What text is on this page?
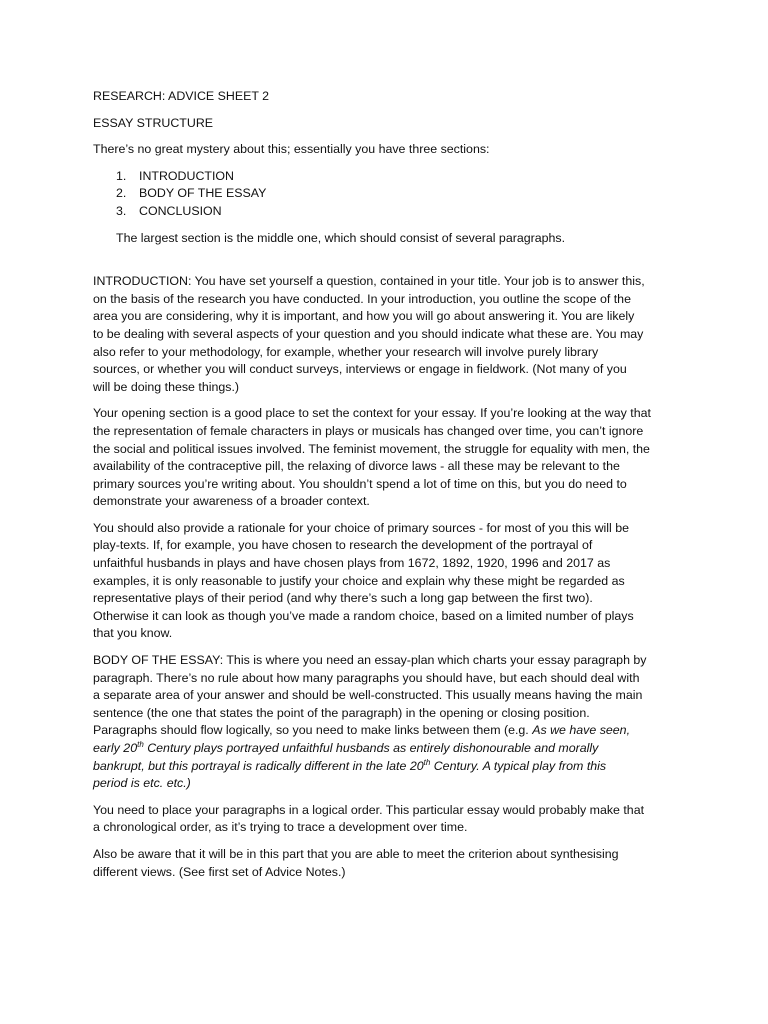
RESEARCH: ADVICE SHEET 2

ESSAY STRUCTURE

There’s no great mystery about this; essentially you have three sections:

1. INTRODUCTION
2. BODY OF THE ESSAY
3. CONCLUSION

The largest section is the middle one, which should consist of several paragraphs.

INTRODUCTION: You have set yourself a question, contained in your title. Your job is to answer this,
on the basis of the research you have conducted. In your introduction, you outline the scope of the
area you are considering, why it is important, and how you will go about answering it. You are likely
to be dealing with several aspects of your question and you should indicate what these are. You may
also refer to your methodology, for example, whether your research will involve purely library
sources, or whether you will conduct surveys, interviews or engage in fieldwork. (Not many of you
will be doing these things.)

Your opening section is a good place to set the context for your essay. If you’re looking at the way that
the representation of female characters in plays or musicals has changed over time, you can’t ignore
the social and political issues involved. The feminist movement, the struggle for equality with men, the
availability of the contraceptive pill, the relaxing of divorce laws - all these may be relevant to the
primary sources you’re writing about. You shouldn’t spend a lot of time on this, but you do need to
demonstrate your awareness of a broader context.

You should also provide a rationale for your choice of primary sources - for most of you this will be
play-texts. If, for example, you have chosen to research the development of the portrayal of
unfaithful husbands in plays and have chosen plays from 1672, 1892, 1920, 1996 and 2017 as
examples, it is only reasonable to justify your choice and explain why these might be regarded as
representative plays of their period (and why there’s such a long gap between the first two).
Otherwise it can look as though you’ve made a random choice, based on a limited number of plays
that you know.

BODY OF THE ESSAY: This is where you need an essay-plan which charts your essay paragraph by
paragraph. There’s no rule about how many paragraphs you should have, but each should deal with
a separate area of your answer and should be well-constructed. This usually means having the main
sentence (the one that states the point of the paragraph) in the opening or closing position.
Paragraphs should flow logically, so you need to make links between them (e.g. As we have seen,
early 20th Century plays portrayed unfaithful husbands as entirely dishonourable and morally
bankrupt, but this portrayal is radically different in the late 20th Century. A typical play from this
period is etc. etc.)

You need to place your paragraphs in a logical order. This particular essay would probably make that
a chronological order, as it’s trying to trace a development over time.

Also be aware that it will be in this part that you are able to meet the criterion about synthesising
different views. (See first set of Advice Notes.)
